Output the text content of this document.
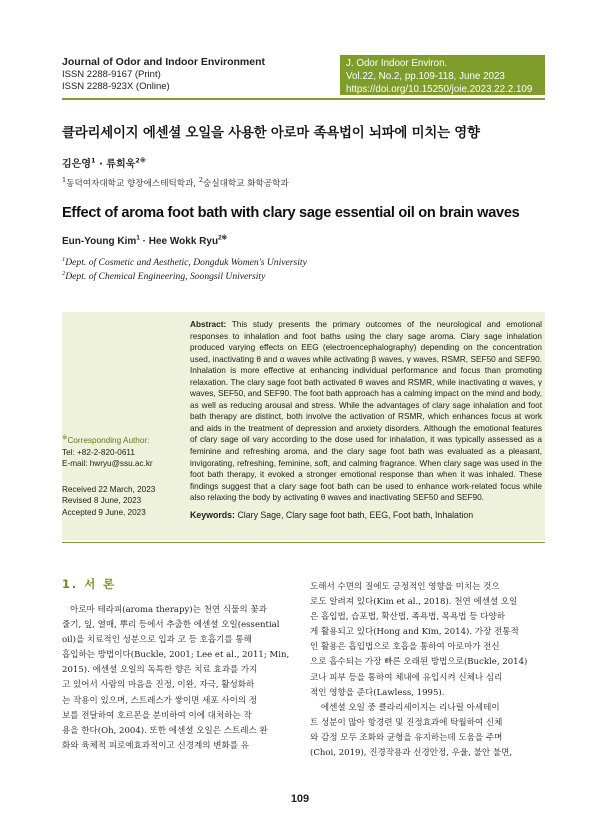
Journal of Odor and Indoor Environment
ISSN 2288-9167 (Print)
ISSN 2288-923X (Online)
J. Odor Indoor Environ.
Vol.22, No.2, pp.109-118, June 2023
https://doi.org/10.15250/joie.2023.22.2.109
클라리세이지 에센셜 오일을 사용한 아로마 족욕법이 뇌파에 미치는 영향
김은영$^1$ · 류희욱$^{2※}$
$^1$동덕여자대학교 향장에스테틱학과, $^2$숭실대학교 화학공학과
Effect of aroma foot bath with clary sage essential oil on brain waves
Eun-Young Kim$^1$ · Hee Wokk Ryu$^{2※}$
$^1$Dept. of Cosmetic and Aesthetic, Dongduk Women's University
$^2$Dept. of Chemical Engineering, Soongsil University
※Corresponding Author:
Tel: +82-2-820-0611
E-mail: hwryu@ssu.ac.kr
Received 22 March, 2023
Revised 8 June, 2023
Accepted 9 June, 2023
Abstract: This study presents the primary outcomes of the neurological and emotional responses to inhalation and foot baths using the clary sage aroma. Clary sage inhalation produced varying effects on EEG (electroencephalography) depending on the concentration used, inactivating θ and α waves while activating β waves, γ waves, RSMR, SEF50 and SEF90. Inhalation is more effective at enhancing individual performance and focus than promoting relaxation. The clary sage foot bath activated θ waves and RSMR, while inactivating α waves, γ waves, SEF50, and SEF90. The foot bath approach has a calming impact on the mind and body, as well as reducing arousal and stress. While the advantages of clary sage inhalation and foot bath therapy are distinct, both involve the activation of RSMR, which enhances focus at work and aids in the treatment of depression and anxiety disorders. Although the emotional features of clary sage oil vary according to the dose used for inhalation, it was typically assessed as a feminine and refreshing aroma, and the clary sage foot bath was evaluated as a pleasant, invigorating, refreshing, feminine, soft, and calming fragrance. When clary sage was used in the foot bath therapy, it evoked a stronger emotional response than when it was inhaled. These findings suggest that a clary sage foot bath can be used to enhance work-related focus while also relaxing the body by activating θ waves and inactivating SEF50 and SEF90.
Keywords: Clary Sage, Clary sage foot bath, EEG, Foot bath, Inhalation
1. 서 론
아로마 테라피(aroma therapy)는 천연 식물의 꽃과
줄기, 잎, 열매, 뿌리 등에서 추출한 에센셜 오일(essential
oil)을 치료적인 성분으로 입과 코 등 호흡기를 통해
흡입하는 방법이다(Buckle, 2001; Lee et al., 2011; Min,
2015). 에센셜 오일의 독특한 향은 치료 효과를 가지
고 있어서 사람의 마음을 진정, 이완, 자극, 활성화하
는 작용이 있으며, 스트레스가 쌓이면 세포 사이의 정
보를 전달하여 호르몬을 분비하여 이에 대처하는 작
용을 한다(Oh, 2004). 또한 에센셜 오일은 스트레스 완
화와 육체적 피로예효과적이고 신경계의 변화를 유
도해서 수면의 질에도 긍정적인 영향을 미치는 것으
로도 알려져 있다(Kim et al., 2018). 천연 에센셜 오일
은 흡입법, 습포법, 확산법, 족욕법, 목욕법 등 다양하
게 활용되고 있다(Hong and Kim, 2014). 가장 전통적
인 활용은 흡입법으로 호흡을 통하여 아로마가 전신
으로 흡수되는 가장 빠른 오래된 방법으로(Buckle, 2014)
코나 피부 등을 통하여 체내에 유입시켜 신체나 심리
적인 영향을 준다(Lawless, 1995).
에센셜 오일 중 클라리세이지는 리나릴 아세테이
트 성분이 많아 항경련 및 진정효과에 탁월하여 신체
와 감정 모두 조화와 균형을 유지하는데 도움을 주며
(Choi, 2019), 진경작용과 신경안정, 우울, 불안 불면,
109
